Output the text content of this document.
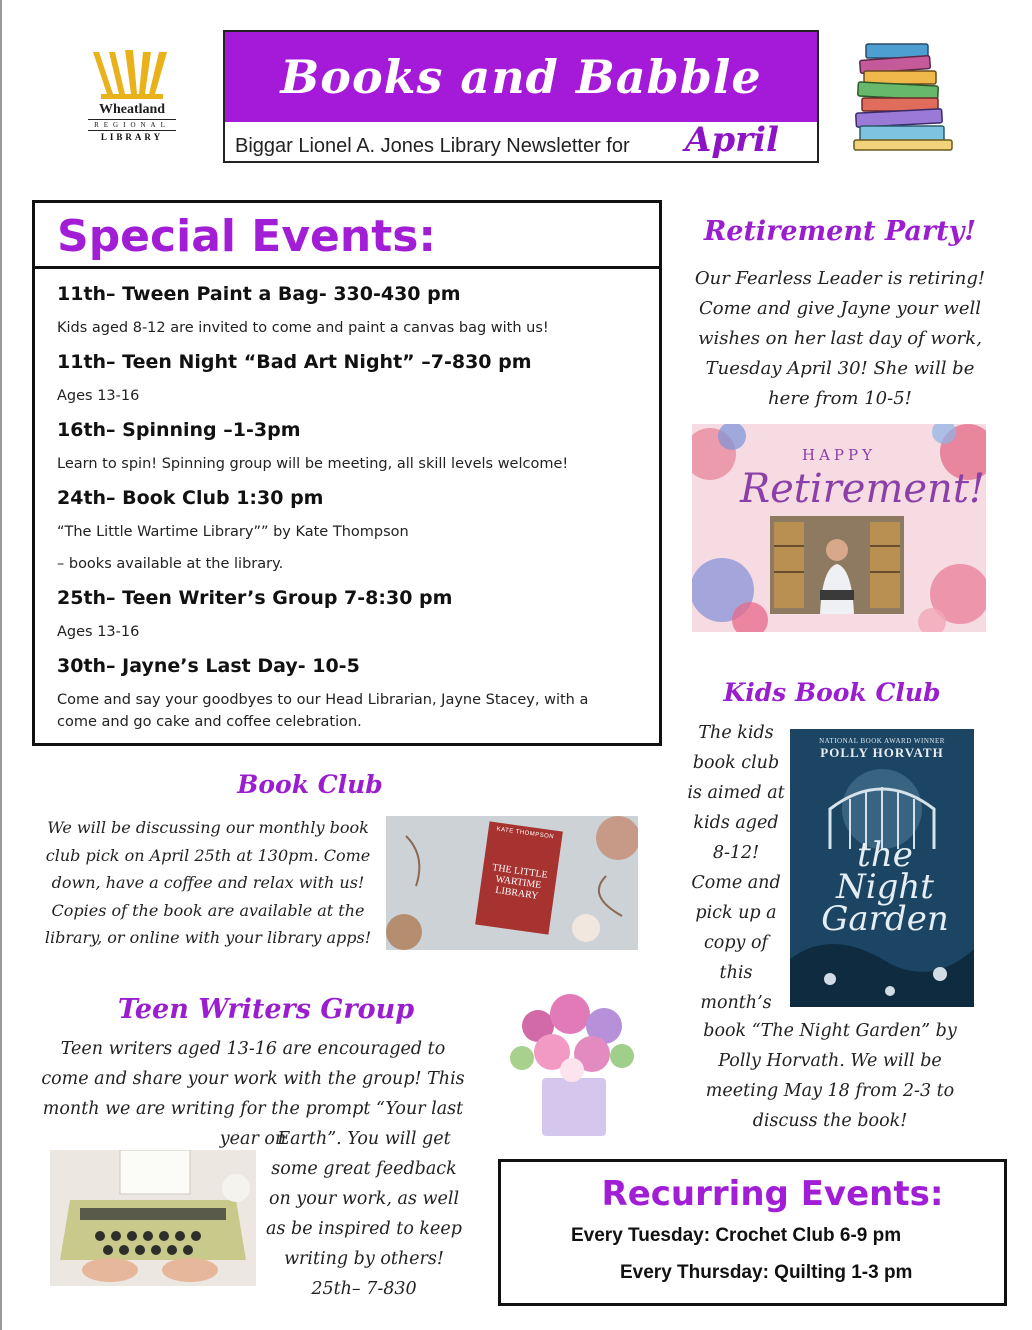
Wheatland
REGIONAL
LIBRARY
Books and Babble
Biggar Lionel A. Jones Library Newsletter for April
Special Events:
11th– Tween Paint a Bag- 330-430 pm
Kids aged 8-12 are invited to come and paint a canvas bag with us!
11th– Teen Night “Bad Art Night” –7-830 pm
Ages 13-16
16th– Spinning –1-3pm
Learn to spin! Spinning group will be meeting, all skill levels welcome!
24th– Book Club 1:30 pm
“The Little Wartime Library”” by Kate Thompson
– books available at the library.
25th– Teen Writer’s Group 7-8:30 pm
Ages 13-16
30th– Jayne’s Last Day- 10-5
Come and say your goodbyes to our Head Librarian, Jayne Stacey, with a come and go cake and coffee celebration.
Retirement Party!
Our Fearless Leader is retiring! Come and give Jayne your well wishes on her last day of work, Tuesday April 30! She will be here from 10-5!
HAPPY
Retirement!
Kids Book Club
The kids book club is aimed at kids aged 8-12! Come and pick up a copy of this month’s
book “The Night Garden” by Polly Horvath. We will be meeting May 18 from 2-3 to discuss the book!
NATIONAL BOOK AWARD WINNER
POLLY HORVATH
the Night Garden
Book Club
We will be discussing our monthly book club pick on April 25th at 130pm. Come down, have a coffee and relax with us! Copies of the book are available at the library, or online with your library apps!
KATE THOMPSON
THE LITTLE WARTIME LIBRARY
Teen Writers Group
Teen writers aged 13-16 are encouraged to come and share your work with the group! This month we are writing for the prompt “Your last year on
Earth”. You will get some great feedback on your work, as well as be inspired to keep writing by others! 25th– 7-830
Recurring Events:
Every Tuesday: Crochet Club 6-9 pm
Every Thursday: Quilting 1-3 pm
